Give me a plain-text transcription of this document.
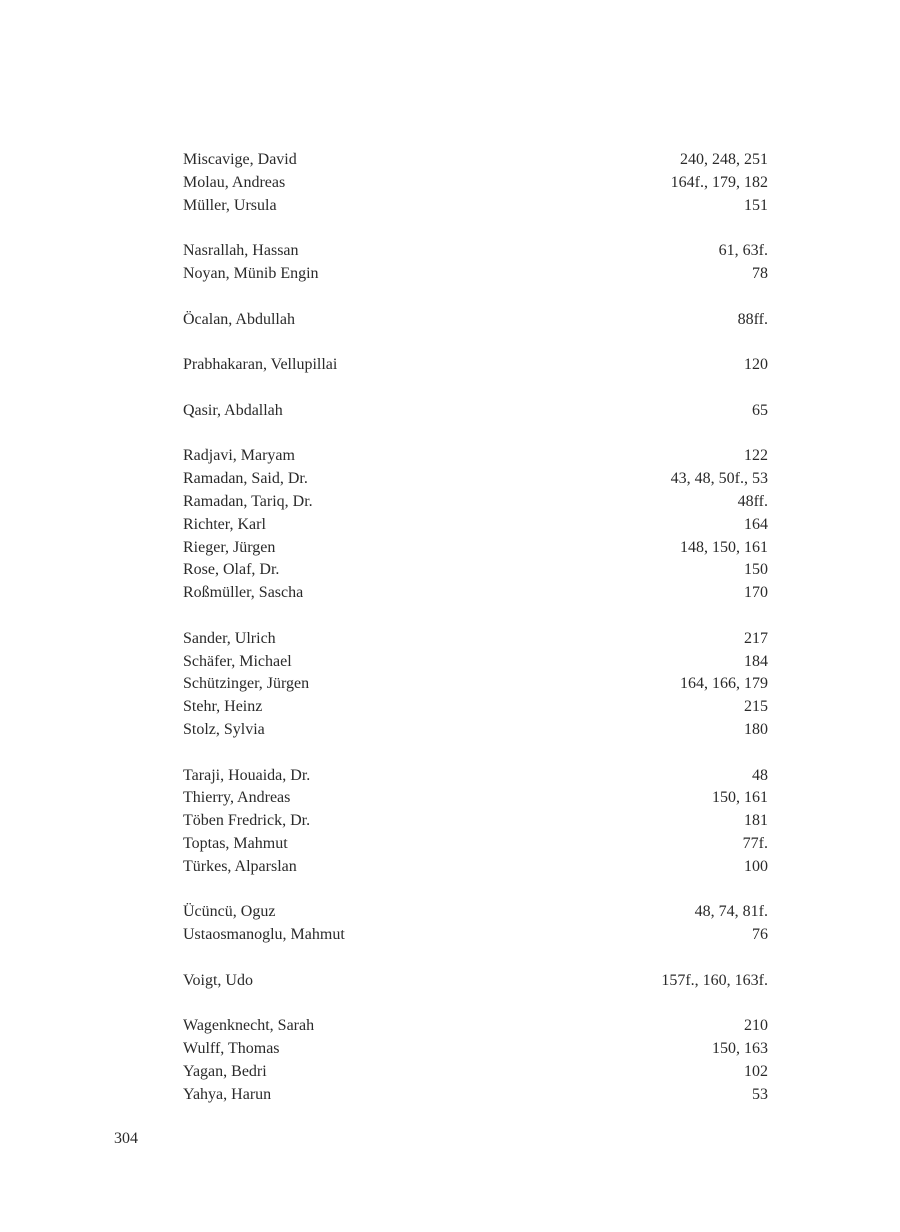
Miscavige, David	240, 248, 251
Molau, Andreas	164f., 179, 182
Müller, Ursula	151
Nasrallah, Hassan	61, 63f.
Noyan, Münib Engin	78
Öcalan, Abdullah	88ff.
Prabhakaran, Vellupillai	120
Qasir, Abdallah	65
Radjavi, Maryam	122
Ramadan, Said, Dr.	43, 48, 50f., 53
Ramadan, Tariq, Dr.	48ff.
Richter, Karl	164
Rieger, Jürgen	148, 150, 161
Rose, Olaf, Dr.	150
Roßmüller, Sascha	170
Sander, Ulrich	217
Schäfer, Michael	184
Schützinger, Jürgen	164, 166, 179
Stehr, Heinz	215
Stolz, Sylvia	180
Taraji, Houaida, Dr.	48
Thierry, Andreas	150, 161
Töben Fredrick, Dr.	181
Toptas, Mahmut	77f.
Türkes, Alparslan	100
Ücüncü, Oguz	48, 74, 81f.
Ustaosmanoglu, Mahmut	76
Voigt, Udo	157f., 160, 163f.
Wagenknecht, Sarah	210
Wulff, Thomas	150, 163
Yagan, Bedri	102
Yahya, Harun	53
304
